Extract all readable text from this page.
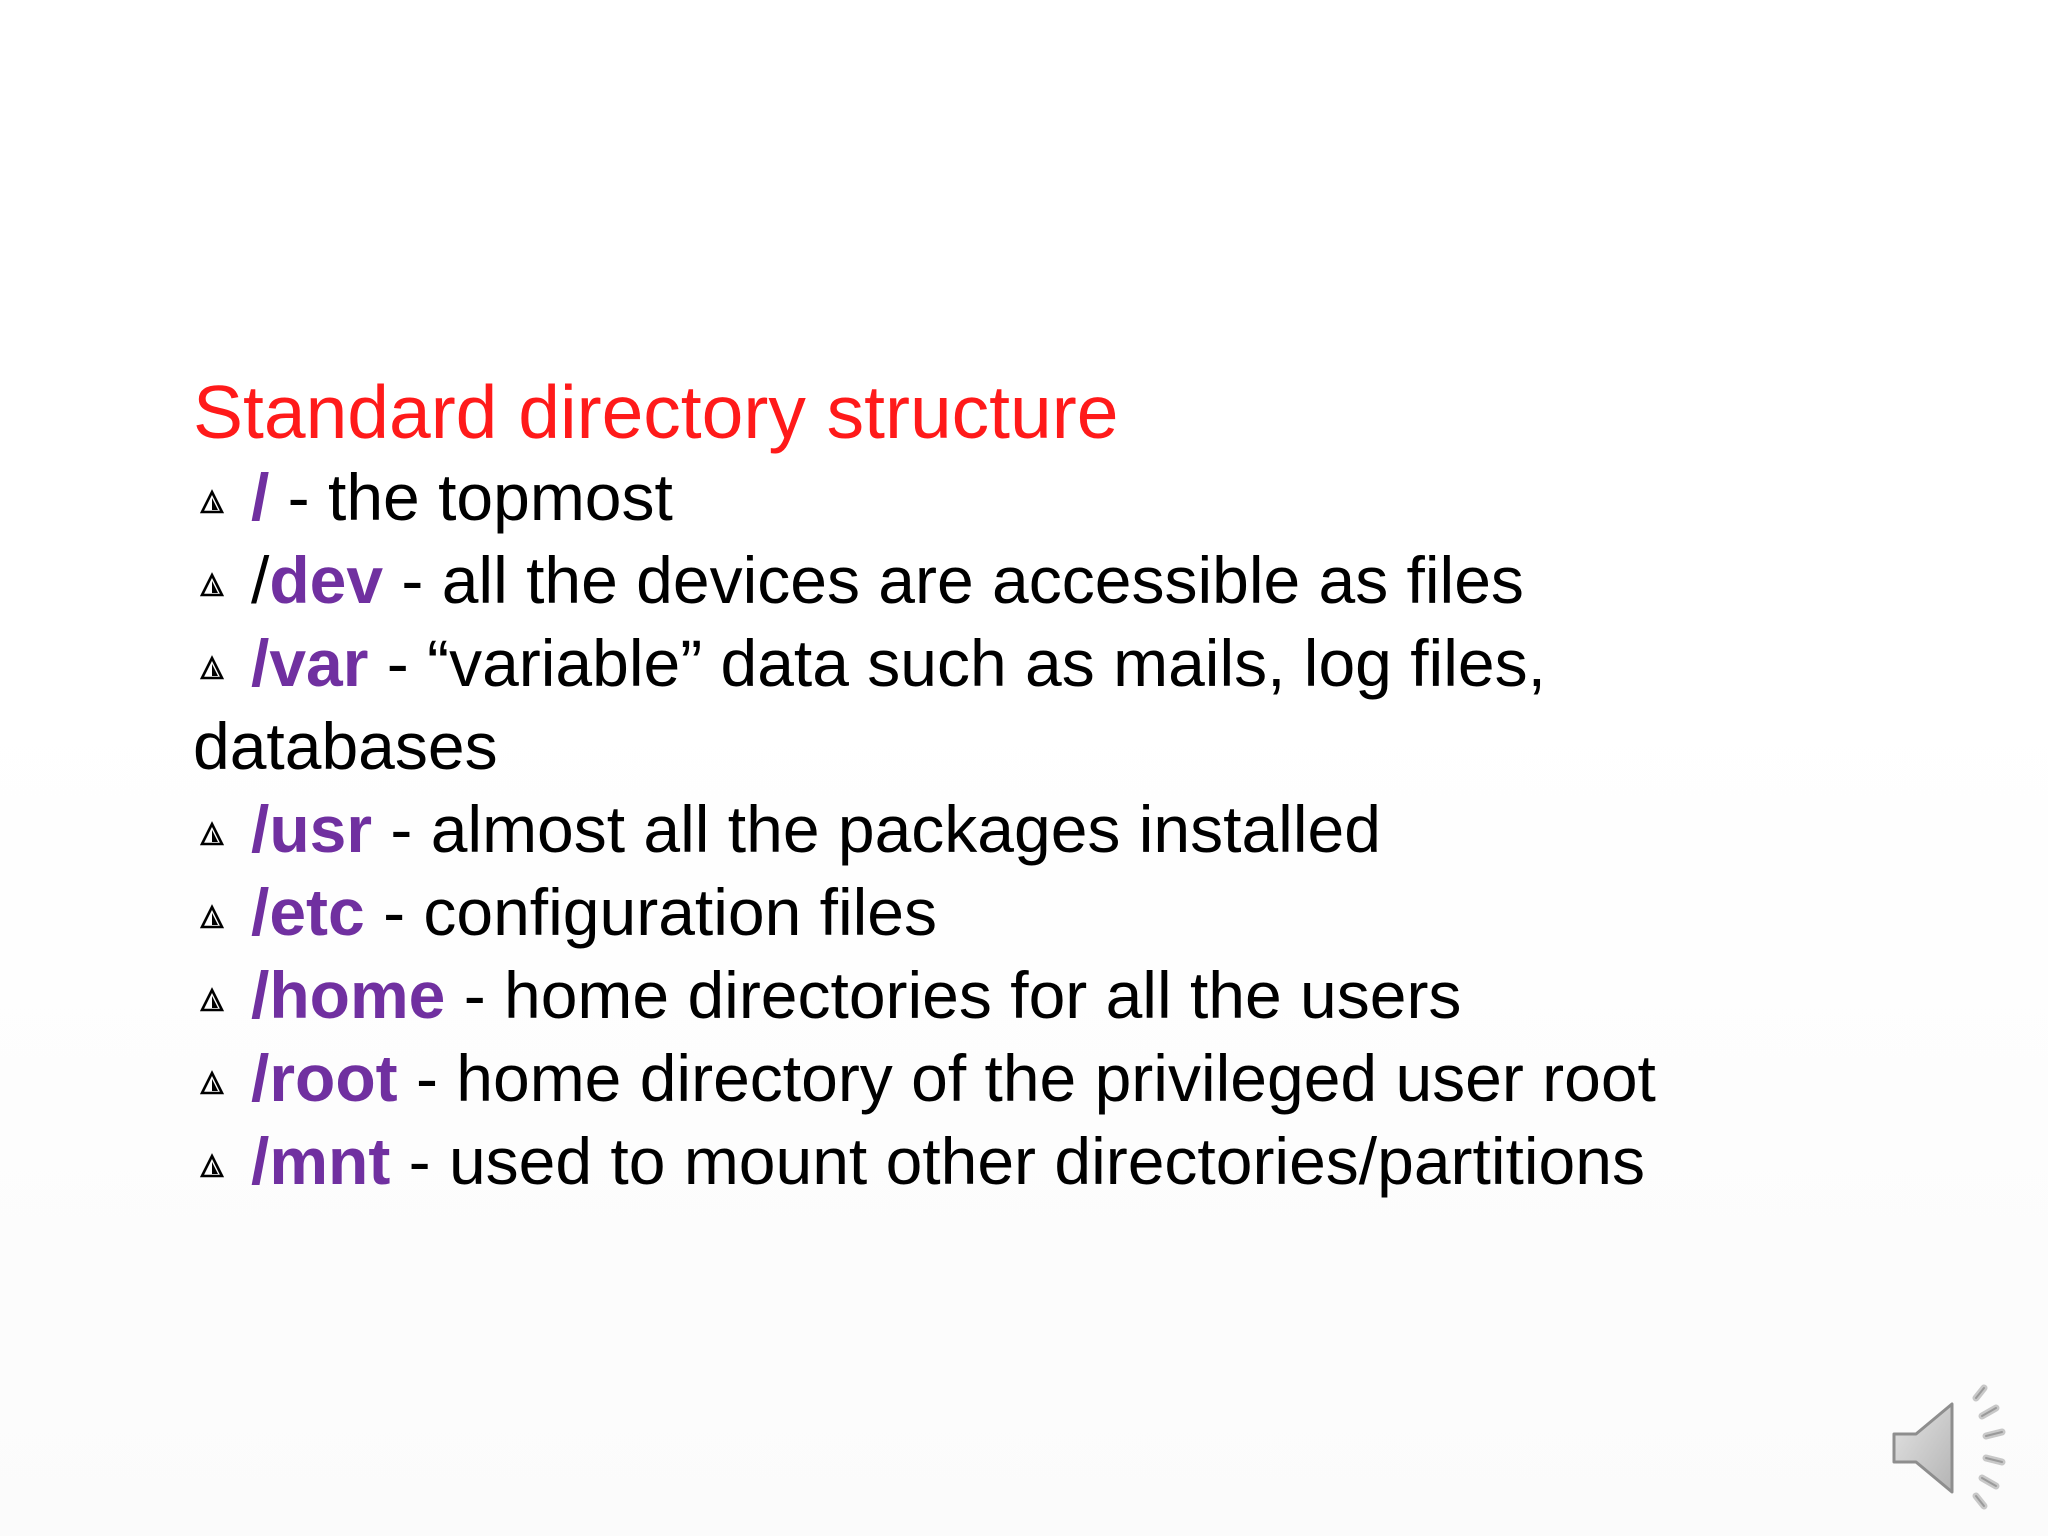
Standard directory structure
/ - the topmost
/dev - all the devices are accessible as files
/var - “variable” data such as mails, log files, databases
/usr - almost all the packages installed
/etc - configuration files
/home - home directories for all the users
/root - home directory of the privileged user root
/mnt - used to mount other directories/partitions
